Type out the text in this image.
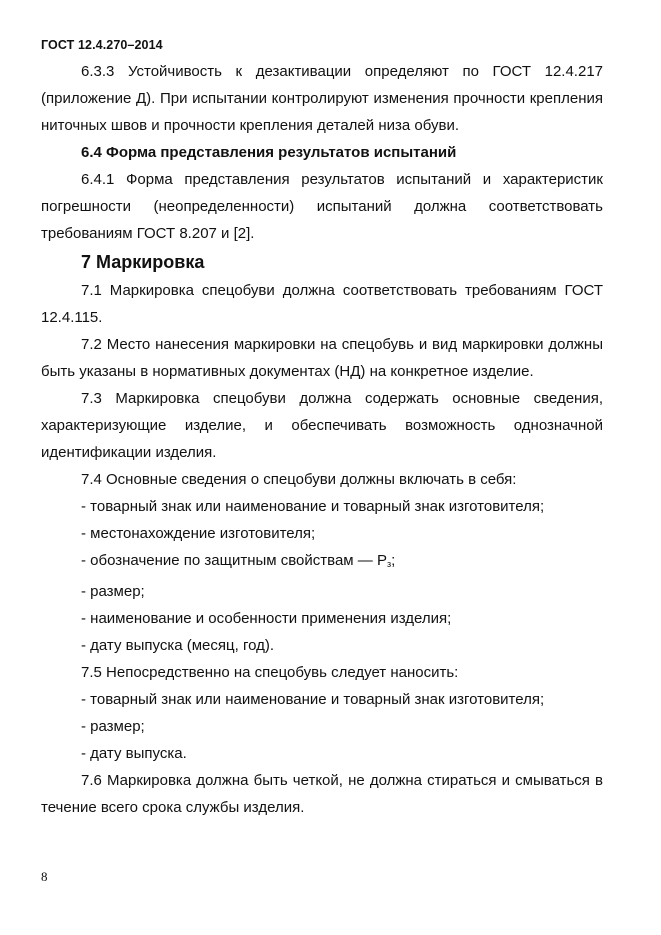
ГОСТ 12.4.270–2014

6.3.3 Устойчивость к дезактивации определяют по ГОСТ 12.4.217 (приложение Д). При испытании контролируют изменения прочности крепления ниточных швов и прочности крепления деталей низа обуви.

6.4 Форма представления результатов испытаний

6.4.1 Форма представления результатов испытаний и характеристик погрешности (неопределенности) испытаний должна соответствовать требованиям ГОСТ 8.207 и [2].

7 Маркировка

7.1 Маркировка спецобуви должна соответствовать требованиям ГОСТ 12.4.115.

7.2 Место нанесения маркировки на спецобувь и вид маркировки должны быть указаны в нормативных документах (НД) на конкретное изделие.

7.3 Маркировка спецобуви должна содержать основные сведения, характеризующие изделие, и обеспечивать возможность однозначной идентификации изделия.

7.4 Основные сведения о спецобуви должны включать в себя:

- товарный знак или наименование и товарный знак изготовителя;

- местонахождение изготовителя;

- обозначение по защитным свойствам — $Р_з$;

- размер;

- наименование и особенности применения изделия;

- дату выпуска (месяц, год).

7.5 Непосредственно на спецобувь следует наносить:

- товарный знак или наименование и товарный знак изготовителя;

- размер;

- дату выпуска.

7.6 Маркировка должна быть четкой, не должна стираться и смываться в течение всего срока службы изделия.

8
